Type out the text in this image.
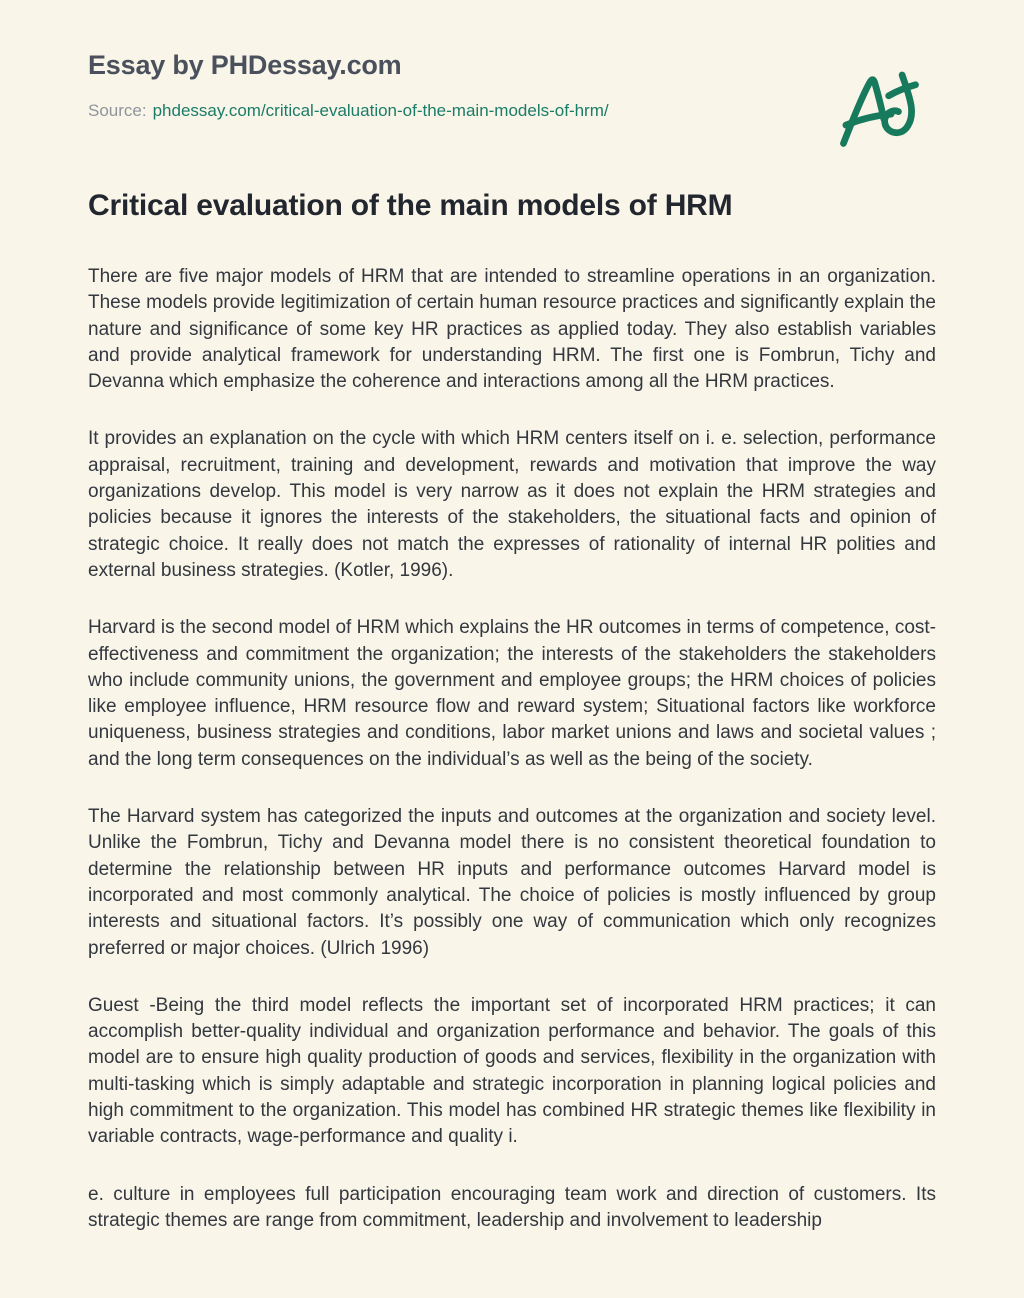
Essay by PHDessay.com

Source: phdessay.com/critical-evaluation-of-the-main-models-of-hrm/

Critical evaluation of the main models of HRM

There are five major models of HRM that are intended to streamline operations in an organization. These models provide legitimization of certain human resource practices and significantly explain the nature and significance of some key HR practices as applied today. They also establish variables and provide analytical framework for understanding HRM. The first one is Fombrun, Tichy and Devanna which emphasize the coherence and interactions among all the HRM practices.

It provides an explanation on the cycle with which HRM centers itself on i. e. selection, performance appraisal, recruitment, training and development, rewards and motivation that improve the way organizations develop. This model is very narrow as it does not explain the HRM strategies and policies because it ignores the interests of the stakeholders, the situational facts and opinion of strategic choice. It really does not match the expresses of rationality of internal HR polities and external business strategies. (Kotler, 1996).

Harvard is the second model of HRM which explains the HR outcomes in terms of competence, cost-effectiveness and commitment the organization; the interests of the stakeholders the stakeholders who include community unions, the government and employee groups; the HRM choices of policies like employee influence, HRM resource flow and reward system; Situational factors like workforce uniqueness, business strategies and conditions, labor market unions and laws and societal values ; and the long term consequences on the individual’s as well as the being of the society.

The Harvard system has categorized the inputs and outcomes at the organization and society level. Unlike the Fombrun, Tichy and Devanna model there is no consistent theoretical foundation to determine the relationship between HR inputs and performance outcomes Harvard model is incorporated and most commonly analytical. The choice of policies is mostly influenced by group interests and situational factors. It’s possibly one way of communication which only recognizes preferred or major choices. (Ulrich 1996)

Guest -Being the third model reflects the important set of incorporated HRM practices; it can accomplish better-quality individual and organization performance and behavior. The goals of this model are to ensure high quality production of goods and services, flexibility in the organization with multi-tasking which is simply adaptable and strategic incorporation in planning logical policies and high commitment to the organization. This model has combined HR strategic themes like flexibility in variable contracts, wage-performance and quality i.

e. culture in employees full participation encouraging team work and direction of customers. Its strategic themes are range from commitment, leadership and involvement to leadership
